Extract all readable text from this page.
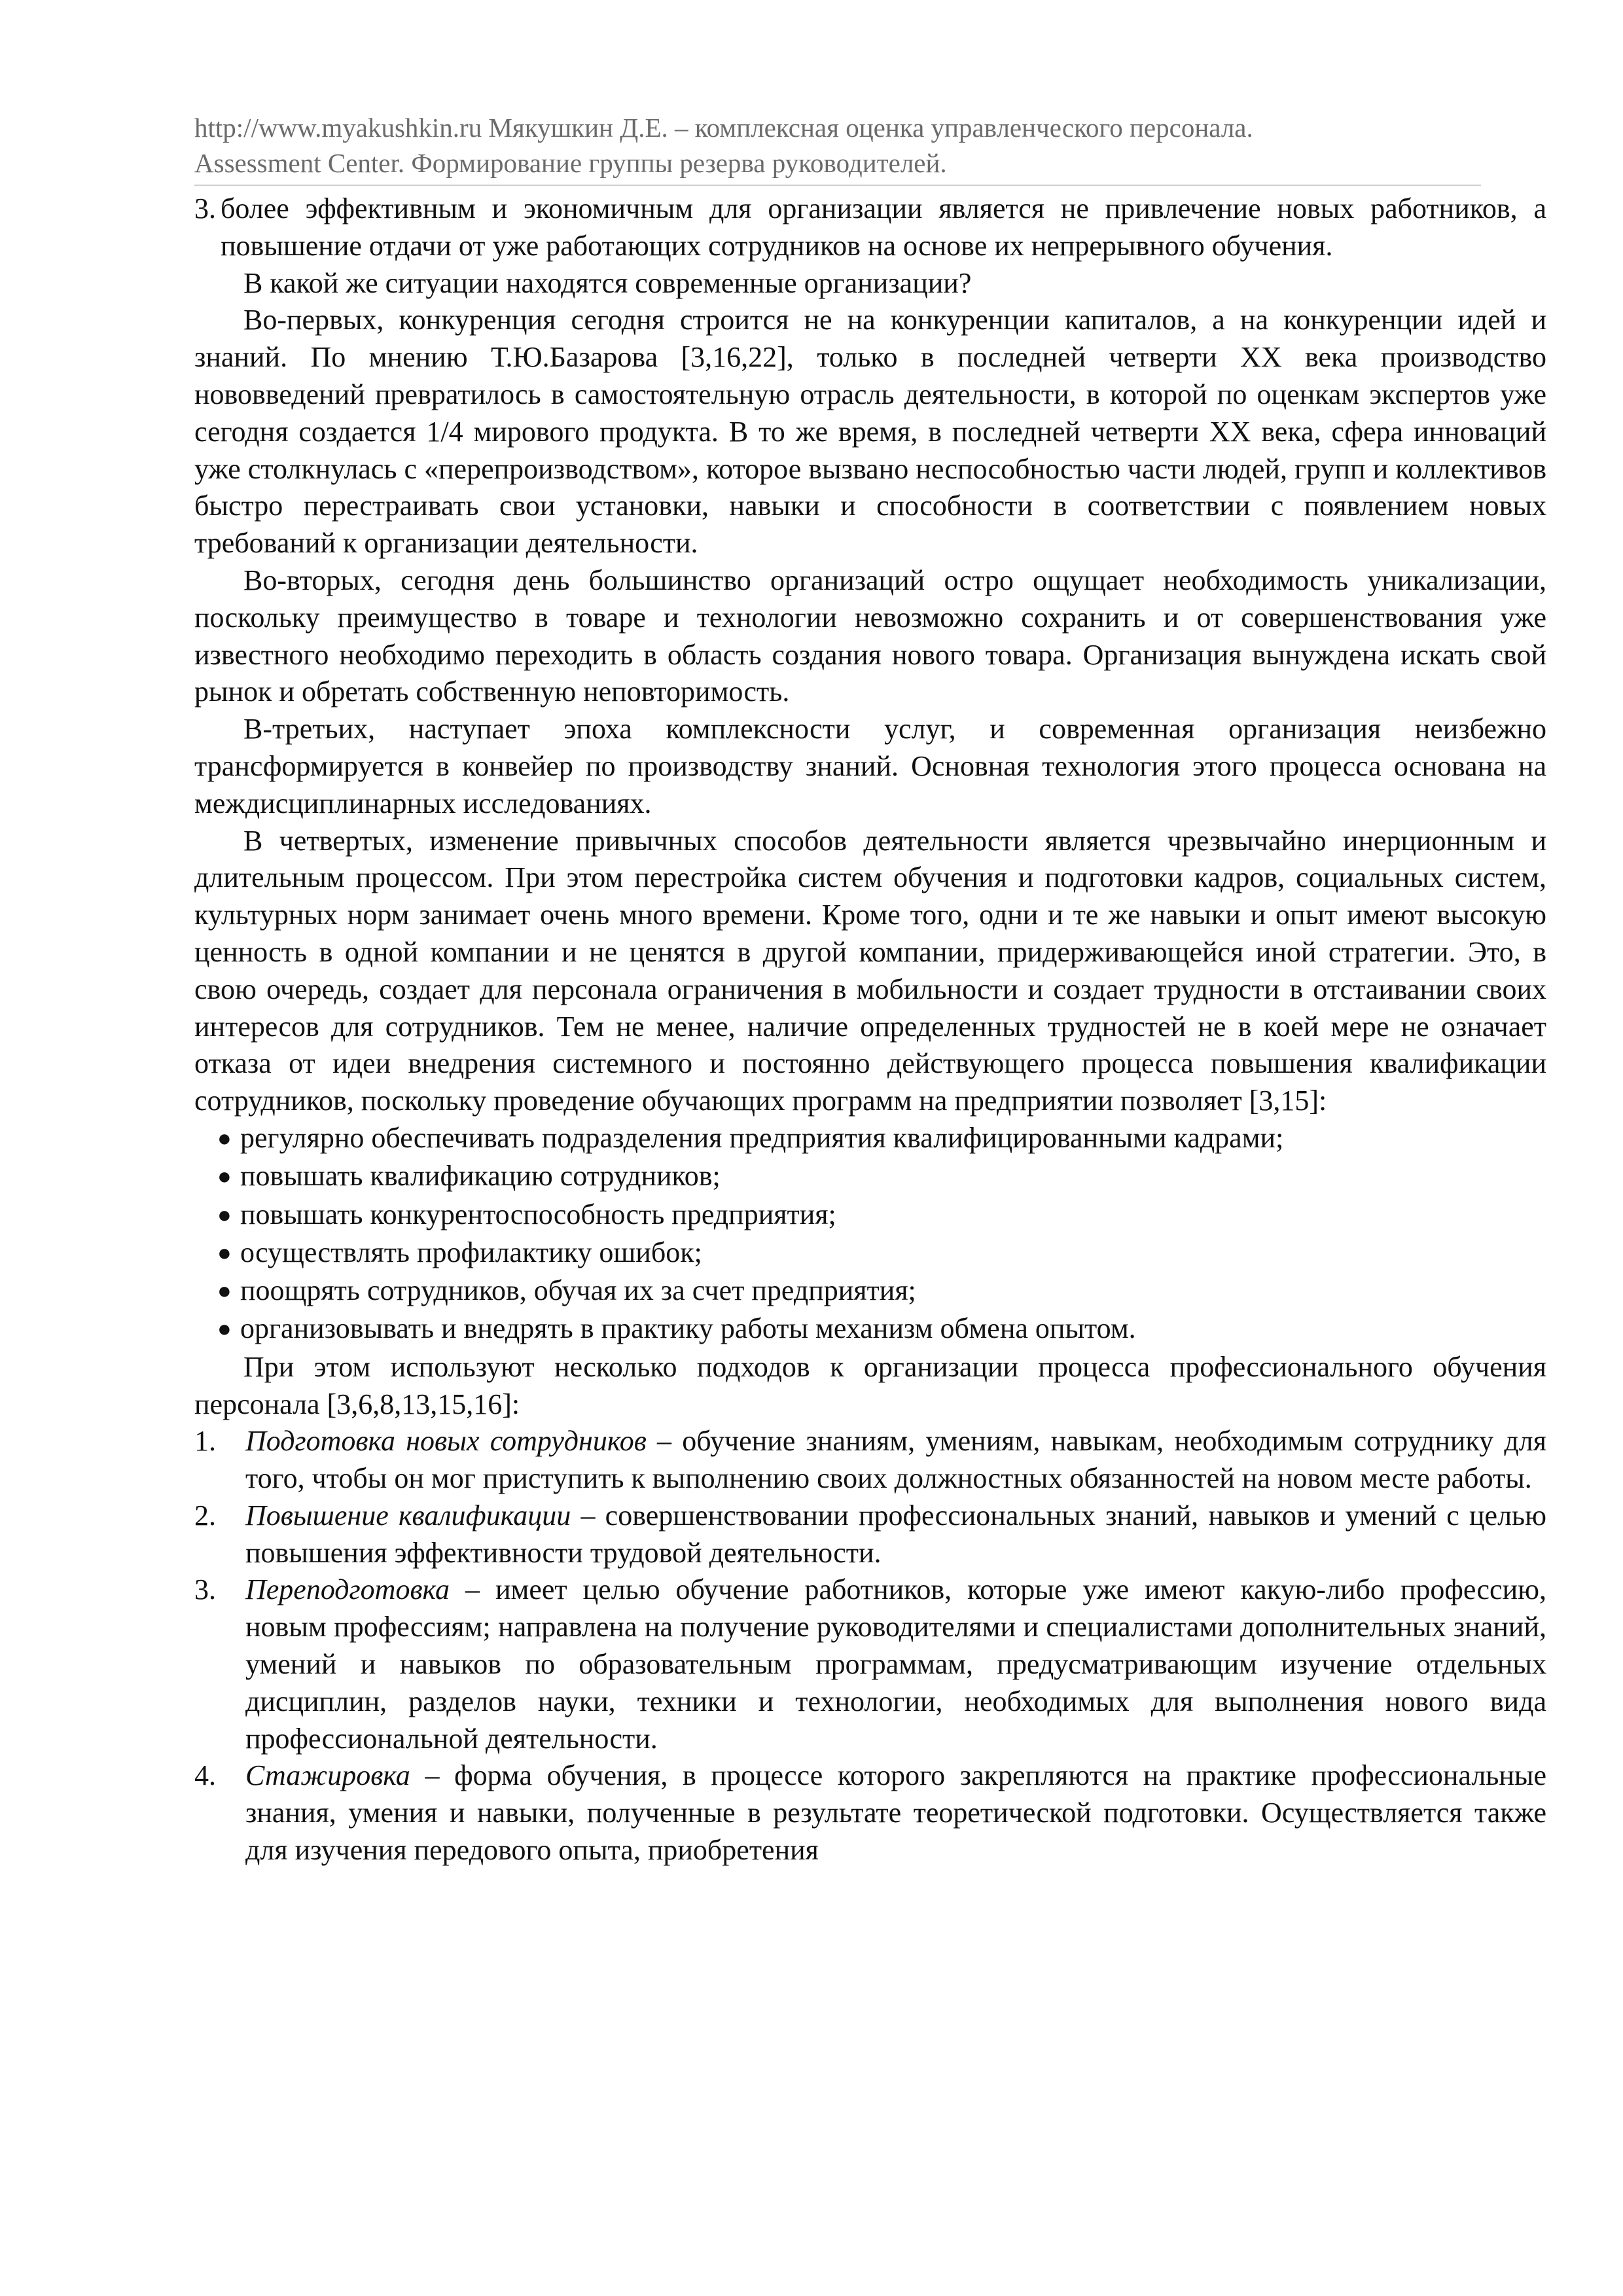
http://www.myakushkin.ru Мякушкин Д.Е. – комплексная оценка управленческого персонала.
Assessment Center. Формирование группы резерва руководителей.
3. более эффективным и экономичным для организации является не привлечение новых работников, а повышение отдачи от уже работающих сотрудников на основе их непрерывного обучения.

В какой же ситуации находятся современные организации?

Во-первых, конкуренция сегодня строится не на конкуренции капиталов, а на конкуренции идей и знаний. По мнению Т.Ю.Базарова [3,16,22], только в последней четверти XX века производство нововведений превратилось в самостоятельную отрасль деятельности, в которой по оценкам экспертов уже сегодня создается 1/4 мирового продукта. В то же время, в последней четверти XX века, сфера инноваций уже столкнулась с «перепроизводством», которое вызвано неспособностью части людей, групп и коллективов быстро перестраивать свои установки, навыки и способности в соответствии с появлением новых требований к организации деятельности.

Во-вторых, сегодня день большинство организаций остро ощущает необходимость уникализации, поскольку преимущество в товаре и технологии невозможно сохранить и от совершенствования уже известного необходимо переходить в область создания нового товара. Организация вынуждена искать свой рынок и обретать собственную неповторимость.

В-третьих, наступает эпоха комплексности услуг, и современная организация неизбежно трансформируется в конвейер по производству знаний. Основная технология этого процесса основана на междисциплинарных исследованиях.

В четвертых, изменение привычных способов деятельности является чрезвычайно инерционным и длительным процессом. При этом перестройка систем обучения и подготовки кадров, социальных систем, культурных норм занимает очень много времени. Кроме того, одни и те же навыки и опыт имеют высокую ценность в одной компании и не ценятся в другой компании, придерживающейся иной стратегии. Это, в свою очередь, создает для персонала ограничения в мобильности и создает трудности в отстаивании своих интересов для сотрудников. Тем не менее, наличие определенных трудностей не в коей мере не означает отказа от идеи внедрения системного и постоянно действующего процесса повышения квалификации сотрудников, поскольку проведение обучающих программ на предприятии позволяет [3,15]:

● регулярно обеспечивать подразделения предприятия квалифицированными кадрами;
● повышать квалификацию сотрудников;
● повышать конкурентоспособность предприятия;
● осуществлять профилактику ошибок;
● поощрять сотрудников, обучая их за счет предприятия;
● организовывать и внедрять в практику работы механизм обмена опытом.

При этом используют несколько подходов к организации процесса профессионального обучения персонала [3,6,8,13,15,16]:

1.	Подготовка новых сотрудников – обучение знаниям, умениям, навыкам, необходимым сотруднику для того, чтобы он мог приступить к выполнению своих должностных обязанностей на новом месте работы.
2.	Повышение квалификации – совершенствовании профессиональных знаний, навыков и умений с целью повышения эффективности трудовой деятельности.
3.	Переподготовка – имеет целью обучение работников, которые уже имеют какую-либо профессию, новым профессиям; направлена на получение руководителями и специалистами дополнительных знаний, умений и навыков по образовательным программам, предусматривающим изучение отдельных дисциплин, разделов науки, техники и технологии, необходимых для выполнения нового вида профессиональной деятельности.
4.	Стажировка – форма обучения, в процессе которого закрепляются на практике профессиональные знания, умения и навыки, полученные в результате теоретической подготовки. Осуществляется также для изучения передового опыта, приобретения
